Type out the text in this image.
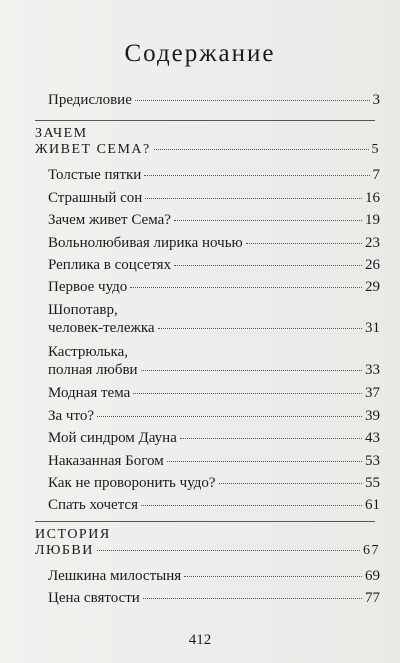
Содержание
Предисловие	3
ЗАЧЕМ
ЖИВЕТ СЕМА?	5
Толстые пятки	7
Страшный сон	16
Зачем живет Сема?	19
Вольнолюбивая лирика ночью	23
Реплика в соцсетях	26
Первое чудо	29
Шопотавр,
человек-тележка	31
Кастрюлька,
полная любви	33
Модная тема	37
За что?	39
Мой синдром Дауна	43
Наказанная Богом	53
Как не проворонить чудо?	55
Спать хочется	61
ИСТОРИЯ
ЛЮБВИ	67
Лешкина милостыня	69
Цена святости	77
412
